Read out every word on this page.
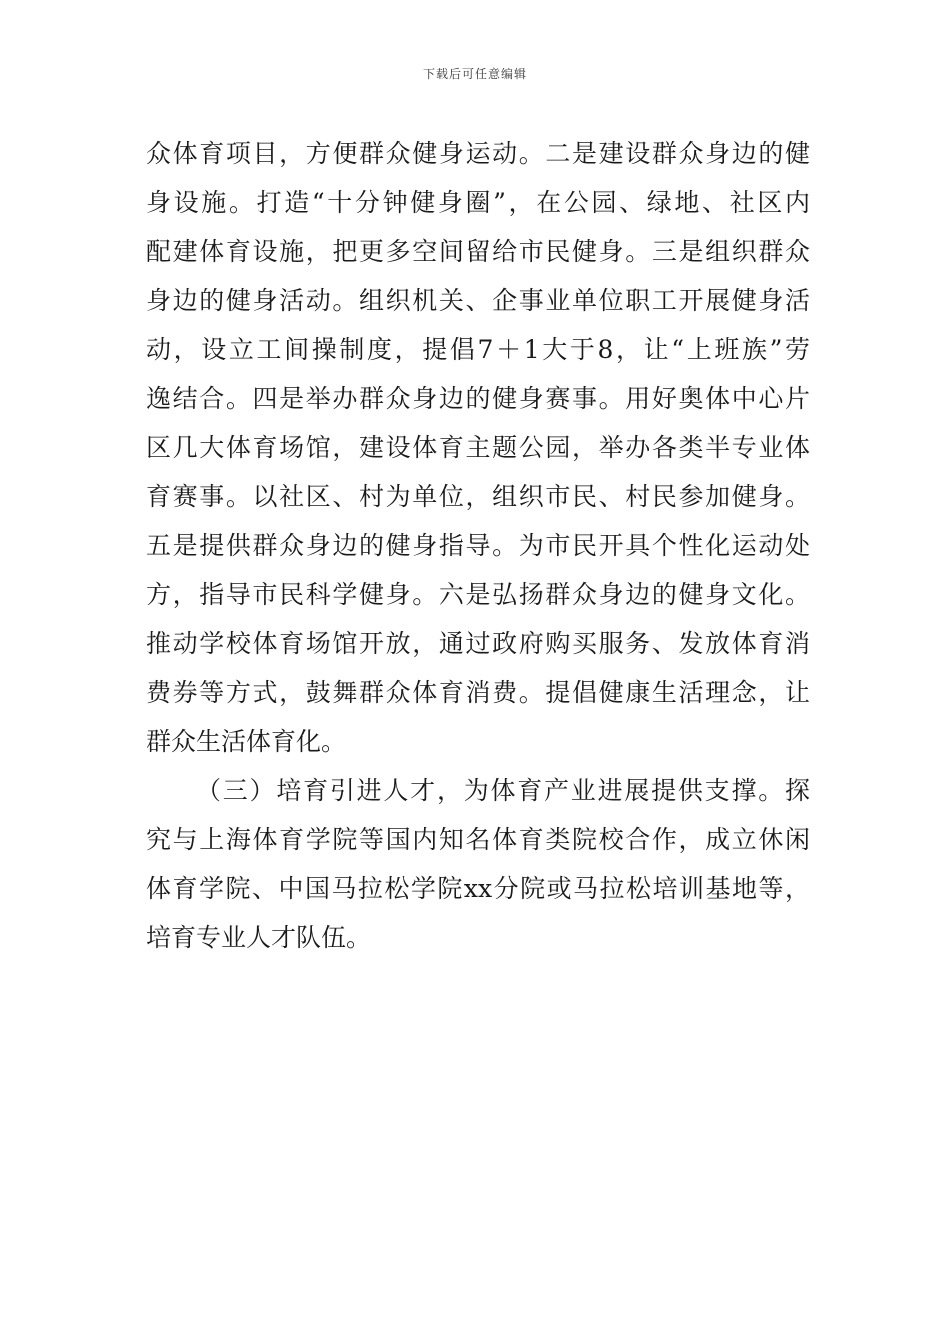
下载后可任意编辑
众体育项目，方便群众健身运动。二是建设群众身边的健
身设施。打造“十分钟健身圈”，在公园、绿地、社区内
配建体育设施，把更多空间留给市民健身。三是组织群众
身边的健身活动。组织机关、企事业单位职工开展健身活
动，设立工间操制度，提倡7＋1大于8，让“上班族”劳
逸结合。四是举办群众身边的健身赛事。用好奥体中心片
区几大体育场馆，建设体育主题公园，举办各类半专业体
育赛事。以社区、村为单位，组织市民、村民参加健身。
五是提供群众身边的健身指导。为市民开具个性化运动处
方，指导市民科学健身。六是弘扬群众身边的健身文化。
推动学校体育场馆开放，通过政府购买服务、发放体育消
费券等方式，鼓舞群众体育消费。提倡健康生活理念，让
群众生活体育化。
（三）培育引进人才，为体育产业进展提供支撑。探
究与上海体育学院等国内知名体育类院校合作，成立休闲
体育学院、中国马拉松学院xx分院或马拉松培训基地等，
培育专业人才队伍。
